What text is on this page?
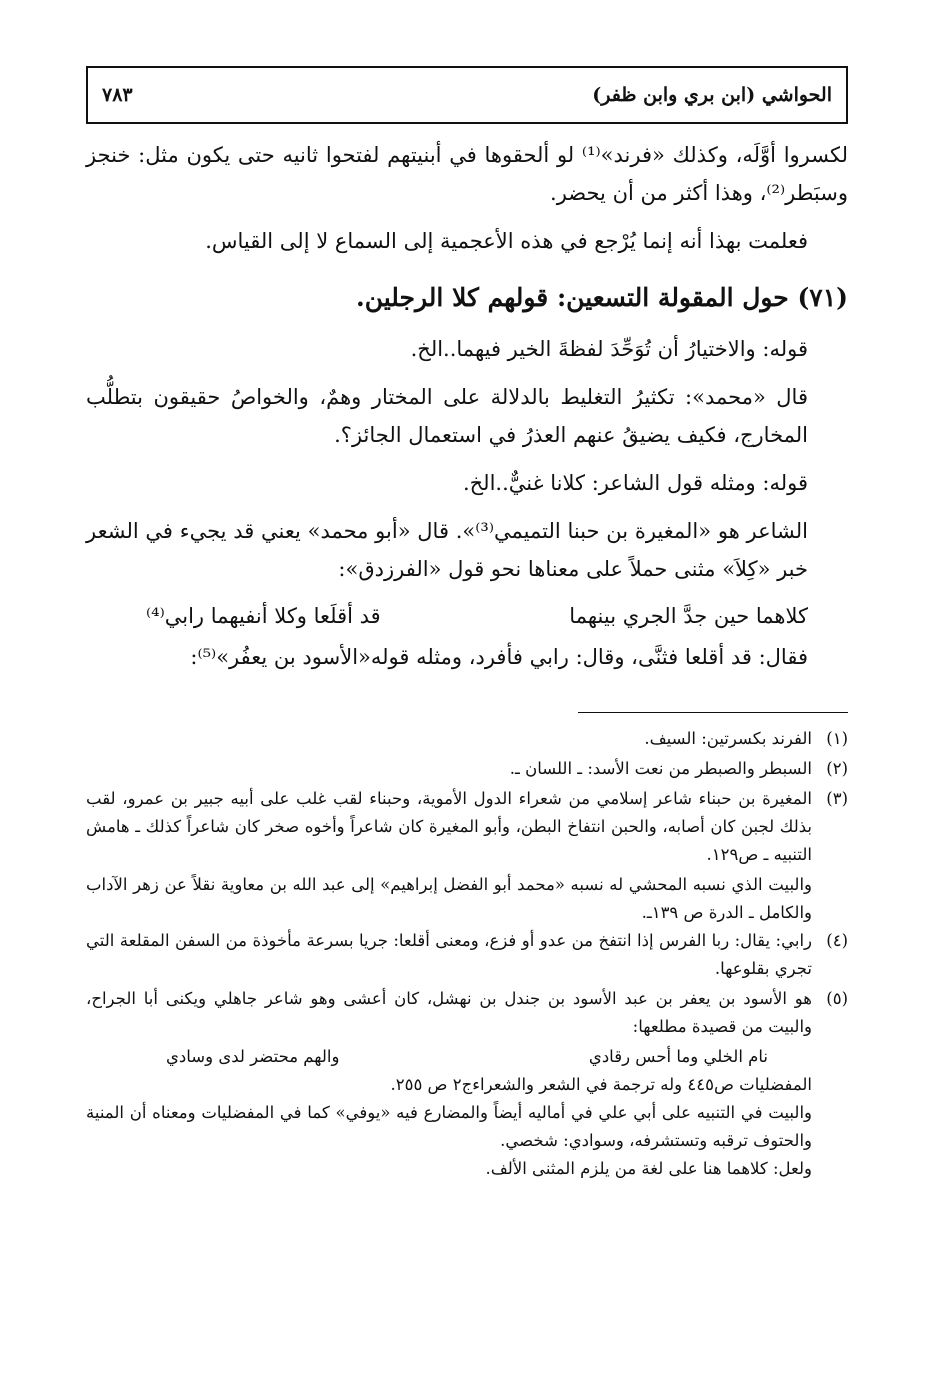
الحواشي (ابن بري وابن ظفر)
٧٨٣

لكسروا أوَّلَه، وكذلك «فرند»⁽¹⁾ لو ألحقوها في أبنيتهم لفتحوا ثانيه حتى يكون مثل: خنجز وسبَطر⁽²⁾، وهذا أكثر من أن يحضر.

فعلمت بهذا أنه إنما يُرْجع في هذه الأعجمية إلى السماع لا إلى القياس.

(٧١) حول المقولة التسعين: قولهم كلا الرجلين.

قوله: والاختيارُ أن تُوَحِّدَ لفظةَ الخير فيهما..الخ.

قال «محمد»: تكثيرُ التغليط بالدلالة على المختار وهمٌ، والخواصُ حقيقون بتطلُّب المخارج، فكيف يضيقُ عنهم العذرُ في استعمال الجائز؟.

قوله: ومثله قول الشاعر: كلانا غنيٌّ..الخ.

الشاعر هو «المغيرة بن حبنا التميمي⁽³⁾». قال «أبو محمد» يعني قد يجيء في الشعر خبر «كِلاَ» مثنى حملاً على معناها نحو قول «الفرزدق»:

كلاهما حين جدَّ الجري بينهما
قد أقلَعا وكلا أنفيهما رابي⁽⁴⁾

فقال: قد أقلعا فثنَّى، وقال: رابي فأفرد، ومثله قوله«الأسود بن يعفُر»⁽⁵⁾:

(١)
الفرند بكسرتين: السيف.
(٢)
السبطر والصبطر من نعت الأسد: ـ اللسان ـ.
(٣)
المغيرة بن حبناء شاعر إسلامي من شعراء الدول الأموية، وحبناء لقب غلب على أبيه جبير بن عمرو، لقب بذلك لجبن كان أصابه، والحبن انتفاخ البطن، وأبو المغيرة كان شاعراً وأخوه صخر كان شاعراً كذلك ـ هامش التنبيه ـ ص١٢٩.
والبيت الذي نسبه المحشي له نسبه «محمد أبو الفضل إبراهيم» إلى عبد الله بن معاوية نقلاً عن زهر الآداب والكامل ـ الدرة ص ١٣٩ـ.
(٤)
رابي: يقال: ربا الفرس إذا انتفخ من عدو أو فزع، ومعنى أقلعا: جريا بسرعة مأخوذة من السفن المقلعة التي تجري بقلوعها.
(٥)
هو الأسود بن يعفر بن عبد الأسود بن جندل بن نهشل، كان أعشى وهو شاعر جاهلي ويكنى أبا الجراح، والبيت من قصيدة مطلعها:
نام الخلي وما أحس رقادي
والهم محتضر لدى وسادي
المفضليات ص٤٤٥ وله ترجمة في الشعر والشعراءج٢ ص ٢٥٥.
والبيت في التنبيه على أبي علي في أماليه أيضاً والمضارع فيه «يوفي» كما في المفضليات ومعناه أن المنية والحتوف ترقبه وتستشرفه، وسوادي: شخصي.
ولعل: كلاهما هنا على لغة من يلزم المثنى الألف.
